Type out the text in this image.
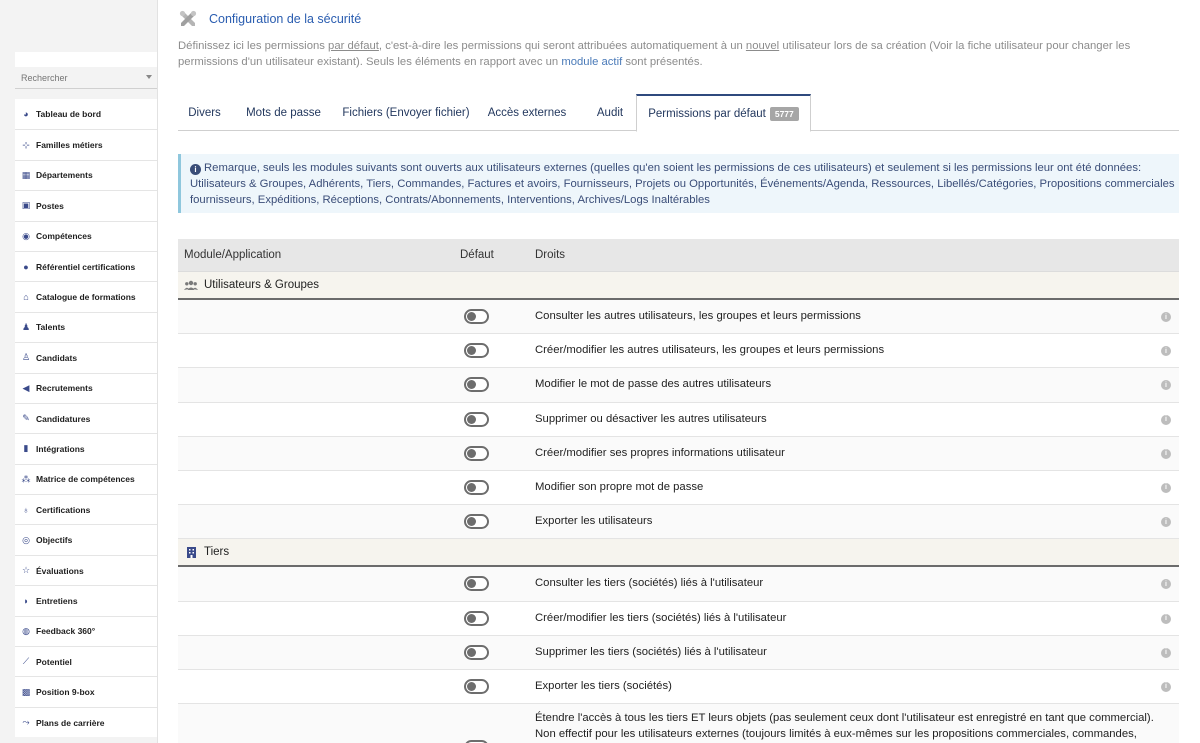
Rechercher
◕ Tableau de bord
⊹ Familles métiers
▦ Départements
▣ Postes
◉ Compétences
● Référentiel certifications
⌂ Catalogue de formations
♟ Talents
♙ Candidats
◀ Recrutements
✎ Candidatures
▮ Intégrations
⁂ Matrice de compétences
♁ Certifications
◎ Objectifs
☆ Évaluations
◗ Entretiens
◍ Feedback 360°
⟋ Potentiel
▩ Position 9-box
⤳ Plans de carrière
Configuration de la sécurité
Définissez ici les permissions par défaut, c'est-à-dire les permissions qui seront attribuées automatiquement à un nouvel utilisateur lors de sa création (Voir la fiche utilisateur pour changer les permissions d'un utilisateur existant). Seuls les éléments en rapport avec un module actif sont présentés.
Divers Mots de passe Fichiers (Envoyer fichier) Accès externes	Audit Permissions par défaut	5777
i Remarque, seuls les modules suivants sont ouverts aux utilisateurs externes (quelles qu'en soient les permissions de ces utilisateurs) et seulement si les permissions leur ont été données: Utilisateurs & Groupes, Adhérents, Tiers, Commandes, Factures et avoirs, Fournisseurs, Projets ou Opportunités, Événements/Agenda, Ressources, Libellés/Catégories, Propositions commerciales fournisseurs, Expéditions, Réceptions, Contrats/Abonnements, Interventions, Archives/Logs Inaltérables
Module/Application	Défaut	Droits
Utilisateurs & Groupes
Consulter les autres utilisateurs, les groupes et leurs permissions	i
Créer/modifier les autres utilisateurs, les groupes et leurs permissions	i
Modifier le mot de passe des autres utilisateurs	i
Supprimer ou désactiver les autres utilisateurs	i
Créer/modifier ses propres informations utilisateur	i
Modifier son propre mot de passe	i
Exporter les utilisateurs	i
Tiers
Consulter les tiers (sociétés) liés à l'utilisateur	i
Créer/modifier les tiers (sociétés) liés à l'utilisateur	i
Supprimer les tiers (sociétés) liés à l'utilisateur	i
Exporter les tiers (sociétés)	i
Étendre l'accès à tous les tiers ET leurs objets (pas seulement ceux dont l'utilisateur est enregistré en tant que commercial). Non effectif pour les utilisateurs externes (toujours limités à eux-mêmes sur les propositions commerciales, commandes,
